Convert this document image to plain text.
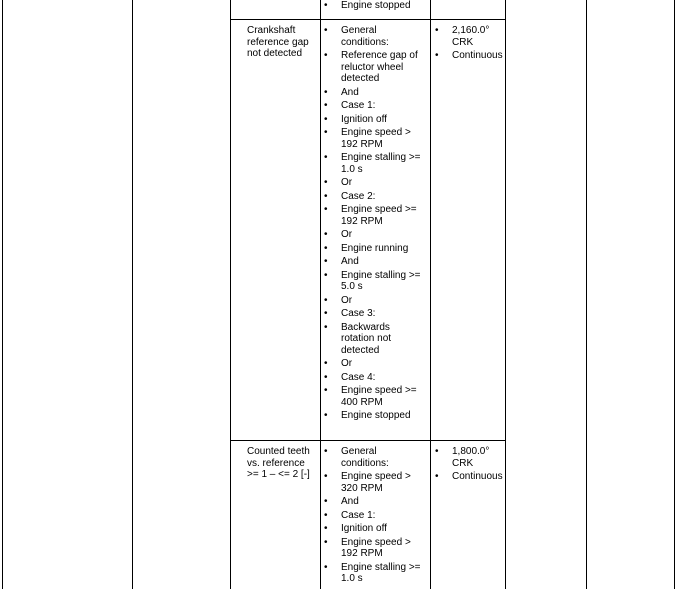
• Engine stopped
Crankshaft reference gap not detected
• General conditions:
• Reference gap of reluctor wheel detected
• And
• Case 1:
• Ignition off
• Engine speed > 192 RPM
• Engine stalling >= 1.0 s
• Or
• Case 2:
• Engine speed >= 192 RPM
• Or
• Engine running
• And
• Engine stalling >= 5.0 s
• Or
• Case 3:
• Backwards rotation not detected
• Or
• Case 4:
• Engine speed >= 400 RPM
• Engine stopped
• 2,160.0° CRK
• Continuous
Counted teeth vs. reference >= 1 – <= 2 [-]
• General conditions:
• Engine speed > 320 RPM
• And
• Case 1:
• Ignition off
• Engine speed > 192 RPM
• Engine stalling >= 1.0 s
• 1,800.0° CRK
• Continuous
